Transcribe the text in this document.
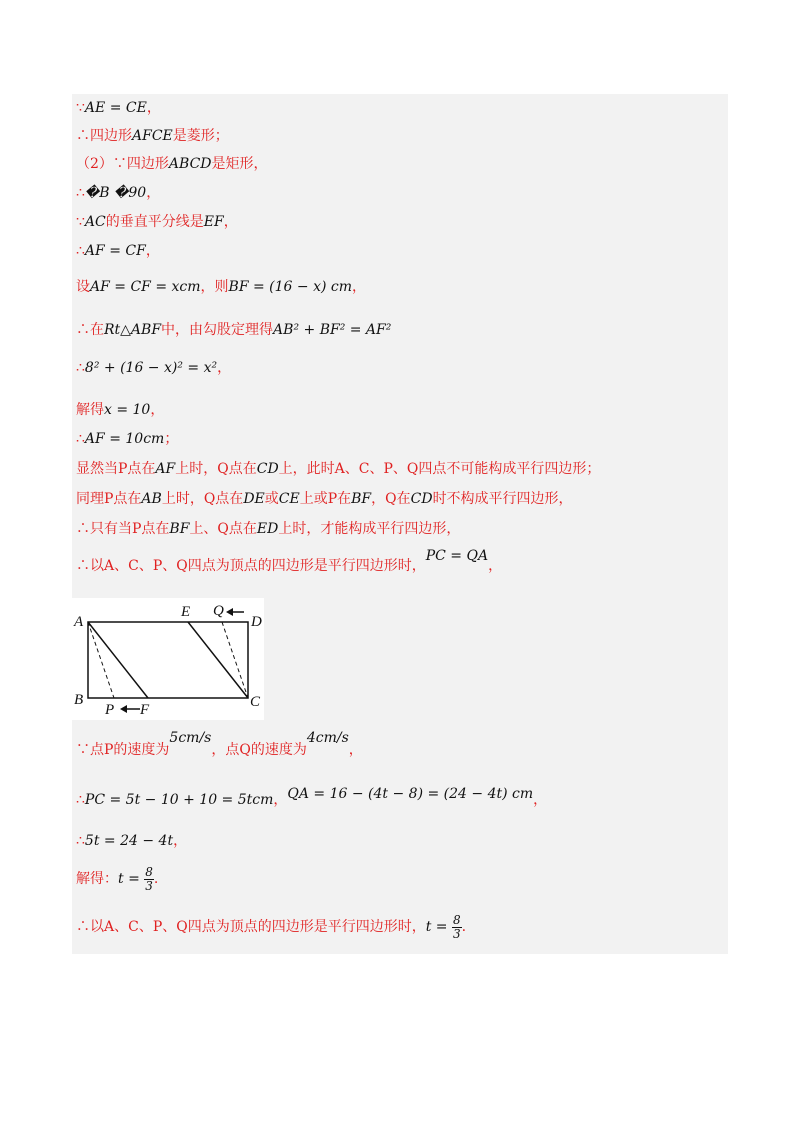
∵AE = CE，
∴四边形AFCE是菱形；
（2）∵四边形ABCD是矩形，
∴�B �90，
∵AC的垂直平分线是EF，
∴AF = CF，
设AF = CF = xcm，则BF = (16 − x) cm，
∴在Rt△ABF中，由勾股定理得AB² + BF² = AF²
∴8² + (16 − x)² = x²，
解得x = 10，
∴AF = 10cm；
显然当P点在AF上时，Q点在CD上，此时A、C、P、Q四点不可能构成平行四边形；
同理P点在AB上时，Q点在DE或CE上或P在BF，Q在CD时不构成平行四边形，
∴只有当P点在BF上、Q点在ED上时，才能构成平行四边形，
∴以A、C、P、Q四点为顶点的四边形是平行四边形时，PC = QA，
A
B	C
D
E
F
P
Q
∵点P的速度为5cm/s，点Q的速度为4cm/s，
∴PC = 5t − 10 + 10 = 5tcm，QA = 16 − (4t − 8) = (24 − 4t) cm，
∴5t = 24 − 4t，
解得：$t = \frac{8}{3}$ .
∴以A、C、P、Q四点为顶点的四边形是平行四边形时，$t = \frac{8}{3}$ .
